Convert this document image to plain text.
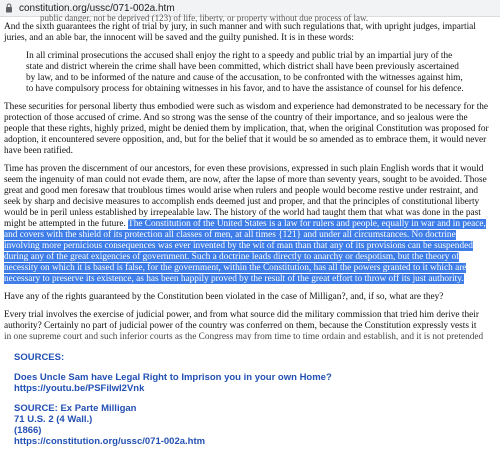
constitution.org/ussc/071-002a.htm
public danger, not be deprived (123) of life, liberty, or property without due process of law.

And the sixth guarantees the right of trial by jury, in such manner and with such regulations that, with upright judges, impartial juries, and an able bar, the innocent will be saved and the guilty punished. It is in these words:

In all criminal prosecutions the accused shall enjoy the right to a speedy and public trial by an impartial jury of the state and district wherein the crime shall have been committed, which district shall have been previously ascertained by law, and to be informed of the nature and cause of the accusation, to be confronted with the witnesses against him, to have compulsory process for obtaining witnesses in his favor, and to have the assistance of counsel for his defence.

These securities for personal liberty thus embodied were such as wisdom and experience had demonstrated to be necessary for the protection of those accused of crime. And so strong was the sense of the country of their importance, and so jealous were the people that these rights, highly prized, might be denied them by implication, that, when the original Constitution was proposed for adoption, it encountered severe opposition, and, but for the belief that it would be so amended as to embrace them, it would never have been ratified.

Time has proven the discernment of our ancestors, for even these provisions, expressed in such plain English words that it would seem the ingenuity of man could not evade them, are now, after the lapse of more than seventy years, sought to be avoided. Those great and good men foresaw that troublous times would arise when rulers and people would become restive under restraint, and seek by sharp and decisive measures to accomplish ends deemed just and proper, and that the principles of constitutional liberty would be in peril unless established by irrepealable law. The history of the world had taught them that what was done in the past might be attempted in the future. The Constitution of the United States is a law for rulers and people, equally in war and in peace, and covers with the shield of its protection all classes of men, at all times {121} and under all circumstances. No doctrine involving more pernicious consequences was ever invented by the wit of man than that any of its provisions can be suspended during any of the great exigencies of government. Such a doctrine leads directly to anarchy or despotism, but the theory of necessity on which it is based is false, for the government, within the Constitution, has all the powers granted to it which are necessary to preserve its existence, as has been happily proved by the result of the great effort to throw off its just authority.

Have any of the rights guaranteed by the Constitution been violated in the case of Milligan?, and, if so, what are they?

Every trial involves the exercise of judicial power, and from what source did the military commission that tried him derive their authority? Certainly no part of judicial power of the country was conferred on them, because the Constitution expressly vests it

in one supreme court and such inferior courts as the Congress may from time to time ordain and establish, and it is not pretended

SOURCES:
Does Uncle Sam have Legal Right to Imprison you in your own Home?
https://youtu.be/PSFilwI2Vnk
SOURCE: Ex Parte Milligan
71 U.S. 2 (4 Wall.)
(1866)
https://constitution.org/ussc/071-002a.htm
